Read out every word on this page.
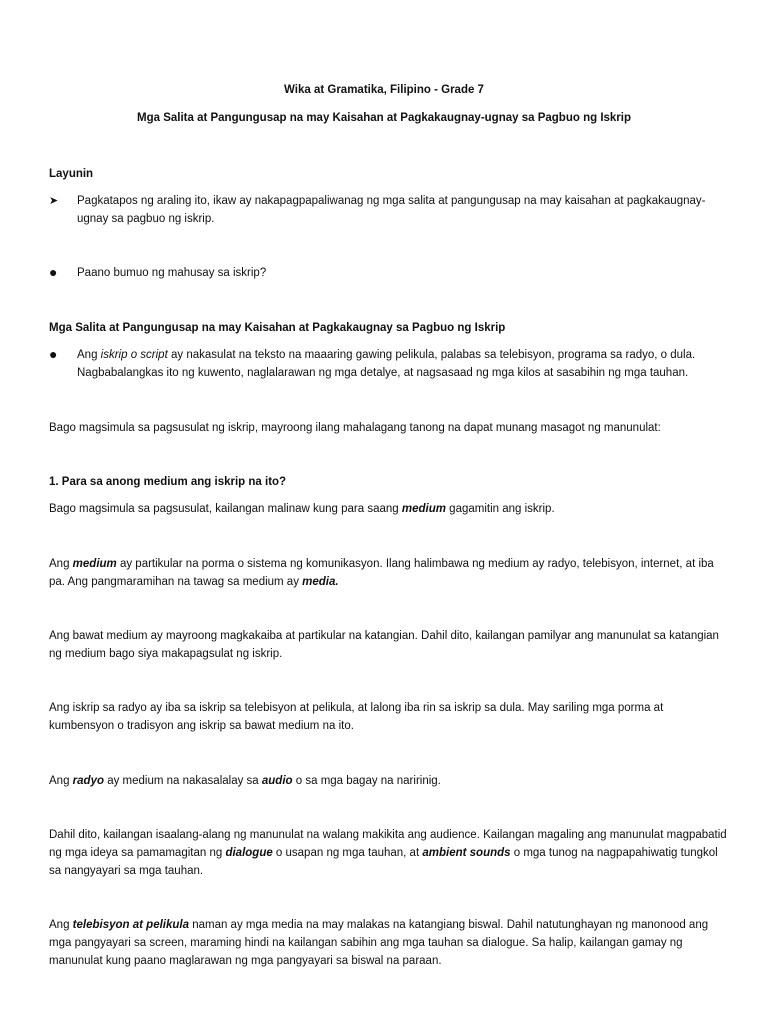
Wika at Gramatika, Filipino - Grade 7

Mga Salita at Pangungusap na may Kaisahan at Pagkakaugnay-ugnay sa Pagbuo ng Iskrip

Layunin

➤	Pagkatapos ng araling ito, ikaw ay nakapagpapaliwanag ng mga salita at pangungusap na may kaisahan at pagkakaugnay-ugnay sa pagbuo ng iskrip.
●	Paano bumuo ng mahusay sa iskrip?

Mga Salita at Pangungusap na may Kaisahan at Pagkakaugnay sa Pagbuo ng Iskrip

●	Ang iskrip o script ay nakasulat na teksto na maaaring gawing pelikula, palabas sa telebisyon, programa sa radyo, o dula. Nagbabalangkas ito ng kuwento, naglalarawan ng mga detalye, at nagsasaad ng mga kilos at sasabihin ng mga tauhan.

Bago magsimula sa pagsusulat ng iskrip, mayroong ilang mahalagang tanong na dapat munang masagot ng manunulat:

1. Para sa anong medium ang iskrip na ito?

Bago magsimula sa pagsusulat, kailangan malinaw kung para saang medium gagamitin ang iskrip.

Ang medium ay partikular na porma o sistema ng komunikasyon. Ilang halimbawa ng medium ay radyo, telebisyon, internet, at iba pa. Ang pangmaramihan na tawag sa medium ay media.

Ang bawat medium ay mayroong magkakaiba at partikular na katangian. Dahil dito, kailangan pamilyar ang manunulat sa katangian ng medium bago siya makapagsulat ng iskrip.

Ang iskrip sa radyo ay iba sa iskrip sa telebisyon at pelikula, at lalong iba rin sa iskrip sa dula. May sariling mga porma at kumbensyon o tradisyon ang iskrip sa bawat medium na ito.

Ang radyo ay medium na nakasalalay sa audio o sa mga bagay na naririnig.

Dahil dito, kailangan isaalang-alang ng manunulat na walang makikita ang audience. Kailangan magaling ang manunulat magpabatid ng mga ideya sa pamamagitan ng dialogue o usapan ng mga tauhan, at ambient sounds o mga tunog na nagpapahiwatig tungkol sa nangyayari sa mga tauhan.

Ang telebisyon at pelikula naman ay mga media na may malakas na katangiang biswal. Dahil natutunghayan ng manonood ang mga pangyayari sa screen, maraming hindi na kailangan sabihin ang mga tauhan sa dialogue. Sa halip, kailangan gamay ng manunulat kung paano maglarawan ng mga pangyayari sa biswal na paraan.
